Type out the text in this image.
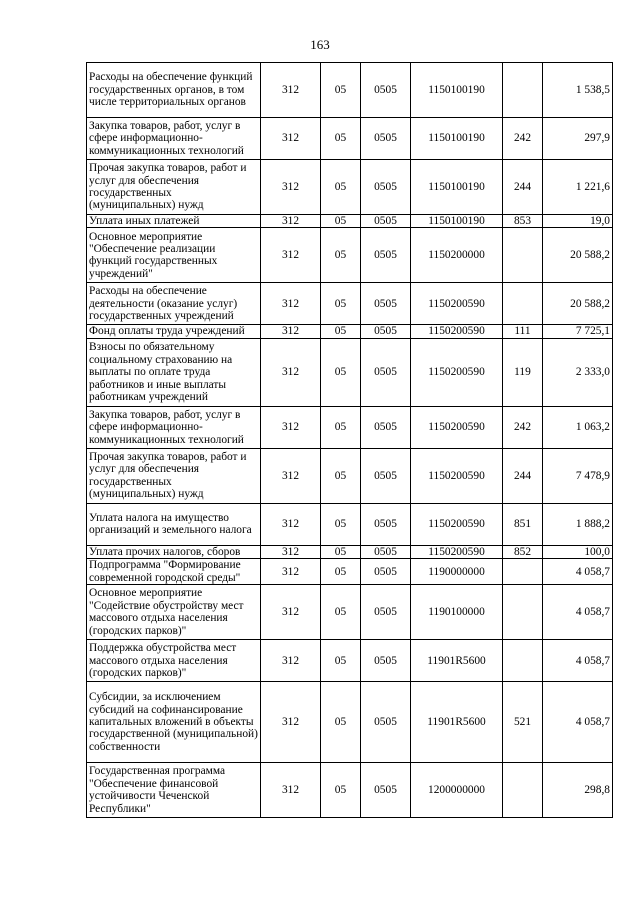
163
Расходы на обеспечение функций государственных органов, в том числе территориальных органов	312	05	0505	1150100190		1 538,5
Закупка товаров, работ, услуг в сфере информационно-коммуникационных технологий	312	05	0505	1150100190	242	297,9
Прочая закупка товаров, работ и услуг для обеспечения государственных (муниципальных) нужд	312	05	0505	1150100190	244	1 221,6
Уплата иных платежей	312	05	0505	1150100190	853	19,0
Основное мероприятие "Обеспечение реализации функций государственных учреждений"	312	05	0505	1150200000		20 588,2
Расходы на обеспечение деятельности (оказание услуг) государственных учреждений	312	05	0505	1150200590		20 588,2
Фонд оплаты труда учреждений	312	05	0505	1150200590	111	7 725,1
Взносы по обязательному социальному страхованию на выплаты по оплате труда работников и иные выплаты работникам учреждений	312	05	0505	1150200590	119	2 333,0
Закупка товаров, работ, услуг в сфере информационно-коммуникационных технологий	312	05	0505	1150200590	242	1 063,2
Прочая закупка товаров, работ и услуг для обеспечения государственных (муниципальных) нужд	312	05	0505	1150200590	244	7 478,9
Уплата налога на имущество организаций и земельного налога	312	05	0505	1150200590	851	1 888,2
Уплата прочих налогов, сборов	312	05	0505	1150200590	852	100,0
Подпрограмма "Формирование современной городской среды"	312	05	0505	1190000000		4 058,7
Основное мероприятие "Содействие обустройству мест массового отдыха населения (городских парков)"	312	05	0505	1190100000		4 058,7
Поддержка обустройства мест массового отдыха населения (городских парков)"	312	05	0505	11901R5600		4 058,7
Субсидии, за исключением субсидий на софинансирование капитальных вложений в объекты государственной (муниципальной) собственности	312	05	0505	11901R5600	521	4 058,7
Государственная программа "Обеспечение финансовой устойчивости Чеченской Республики"	312	05	0505	1200000000		298,8
